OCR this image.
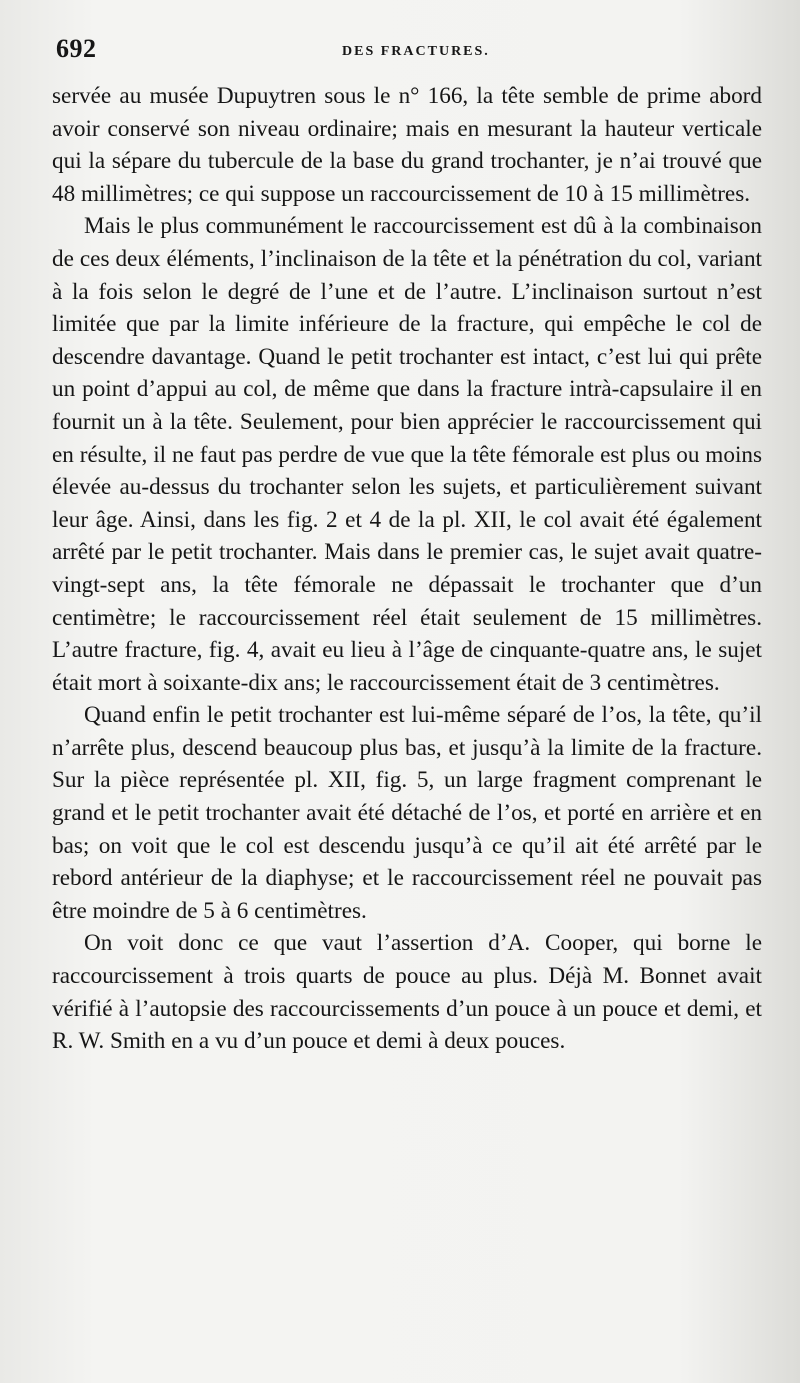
692	DES FRACTURES.

servée au musée Dupuytren sous le n° 166, la tête semble de prime abord avoir conservé son niveau ordinaire; mais en mesurant la hauteur verticale qui la sépare du tubercule de la base du grand trochanter, je n’ai trouvé que 48 millimètres; ce qui suppose un raccourcissement de 10 à 15 millimètres.

Mais le plus communément le raccourcissement est dû à la combinaison de ces deux éléments, l’inclinaison de la tête et la pénétration du col, variant à la fois selon le degré de l’une et de l’autre. L’inclinaison surtout n’est limitée que par la limite inférieure de la fracture, qui empêche le col de descendre davantage. Quand le petit trochanter est intact, c’est lui qui prête un point d’appui au col, de même que dans la fracture intrà-capsulaire il en fournit un à la tête. Seulement, pour bien apprécier le raccourcissement qui en résulte, il ne faut pas perdre de vue que la tête fémorale est plus ou moins élevée au-dessus du trochanter selon les sujets, et particulièrement suivant leur âge. Ainsi, dans les fig. 2 et 4 de la pl. XII, le col avait été également arrêté par le petit trochanter. Mais dans le premier cas, le sujet avait quatre-vingt-sept ans, la tête fémorale ne dépassait le trochanter que d’un centimètre; le raccourcissement réel était seulement de 15 millimètres. L’autre fracture, fig. 4, avait eu lieu à l’âge de cinquante-quatre ans, le sujet était mort à soixante-dix ans; le raccourcissement était de 3 centimètres.

Quand enfin le petit trochanter est lui-même séparé de l’os, la tête, qu’il n’arrête plus, descend beaucoup plus bas, et jusqu’à la limite de la fracture. Sur la pièce représentée pl. XII, fig. 5, un large fragment comprenant le grand et le petit trochanter avait été détaché de l’os, et porté en arrière et en bas; on voit que le col est descendu jusqu’à ce qu’il ait été arrêté par le rebord antérieur de la diaphyse; et le raccourcissement réel ne pouvait pas être moindre de 5 à 6 centimètres.

On voit donc ce que vaut l’assertion d’A. Cooper, qui borne le raccourcissement à trois quarts de pouce au plus. Déjà M. Bonnet avait vérifié à l’autopsie des raccourcissements d’un pouce à un pouce et demi, et R. W. Smith en a vu d’un pouce et demi à deux pouces.
